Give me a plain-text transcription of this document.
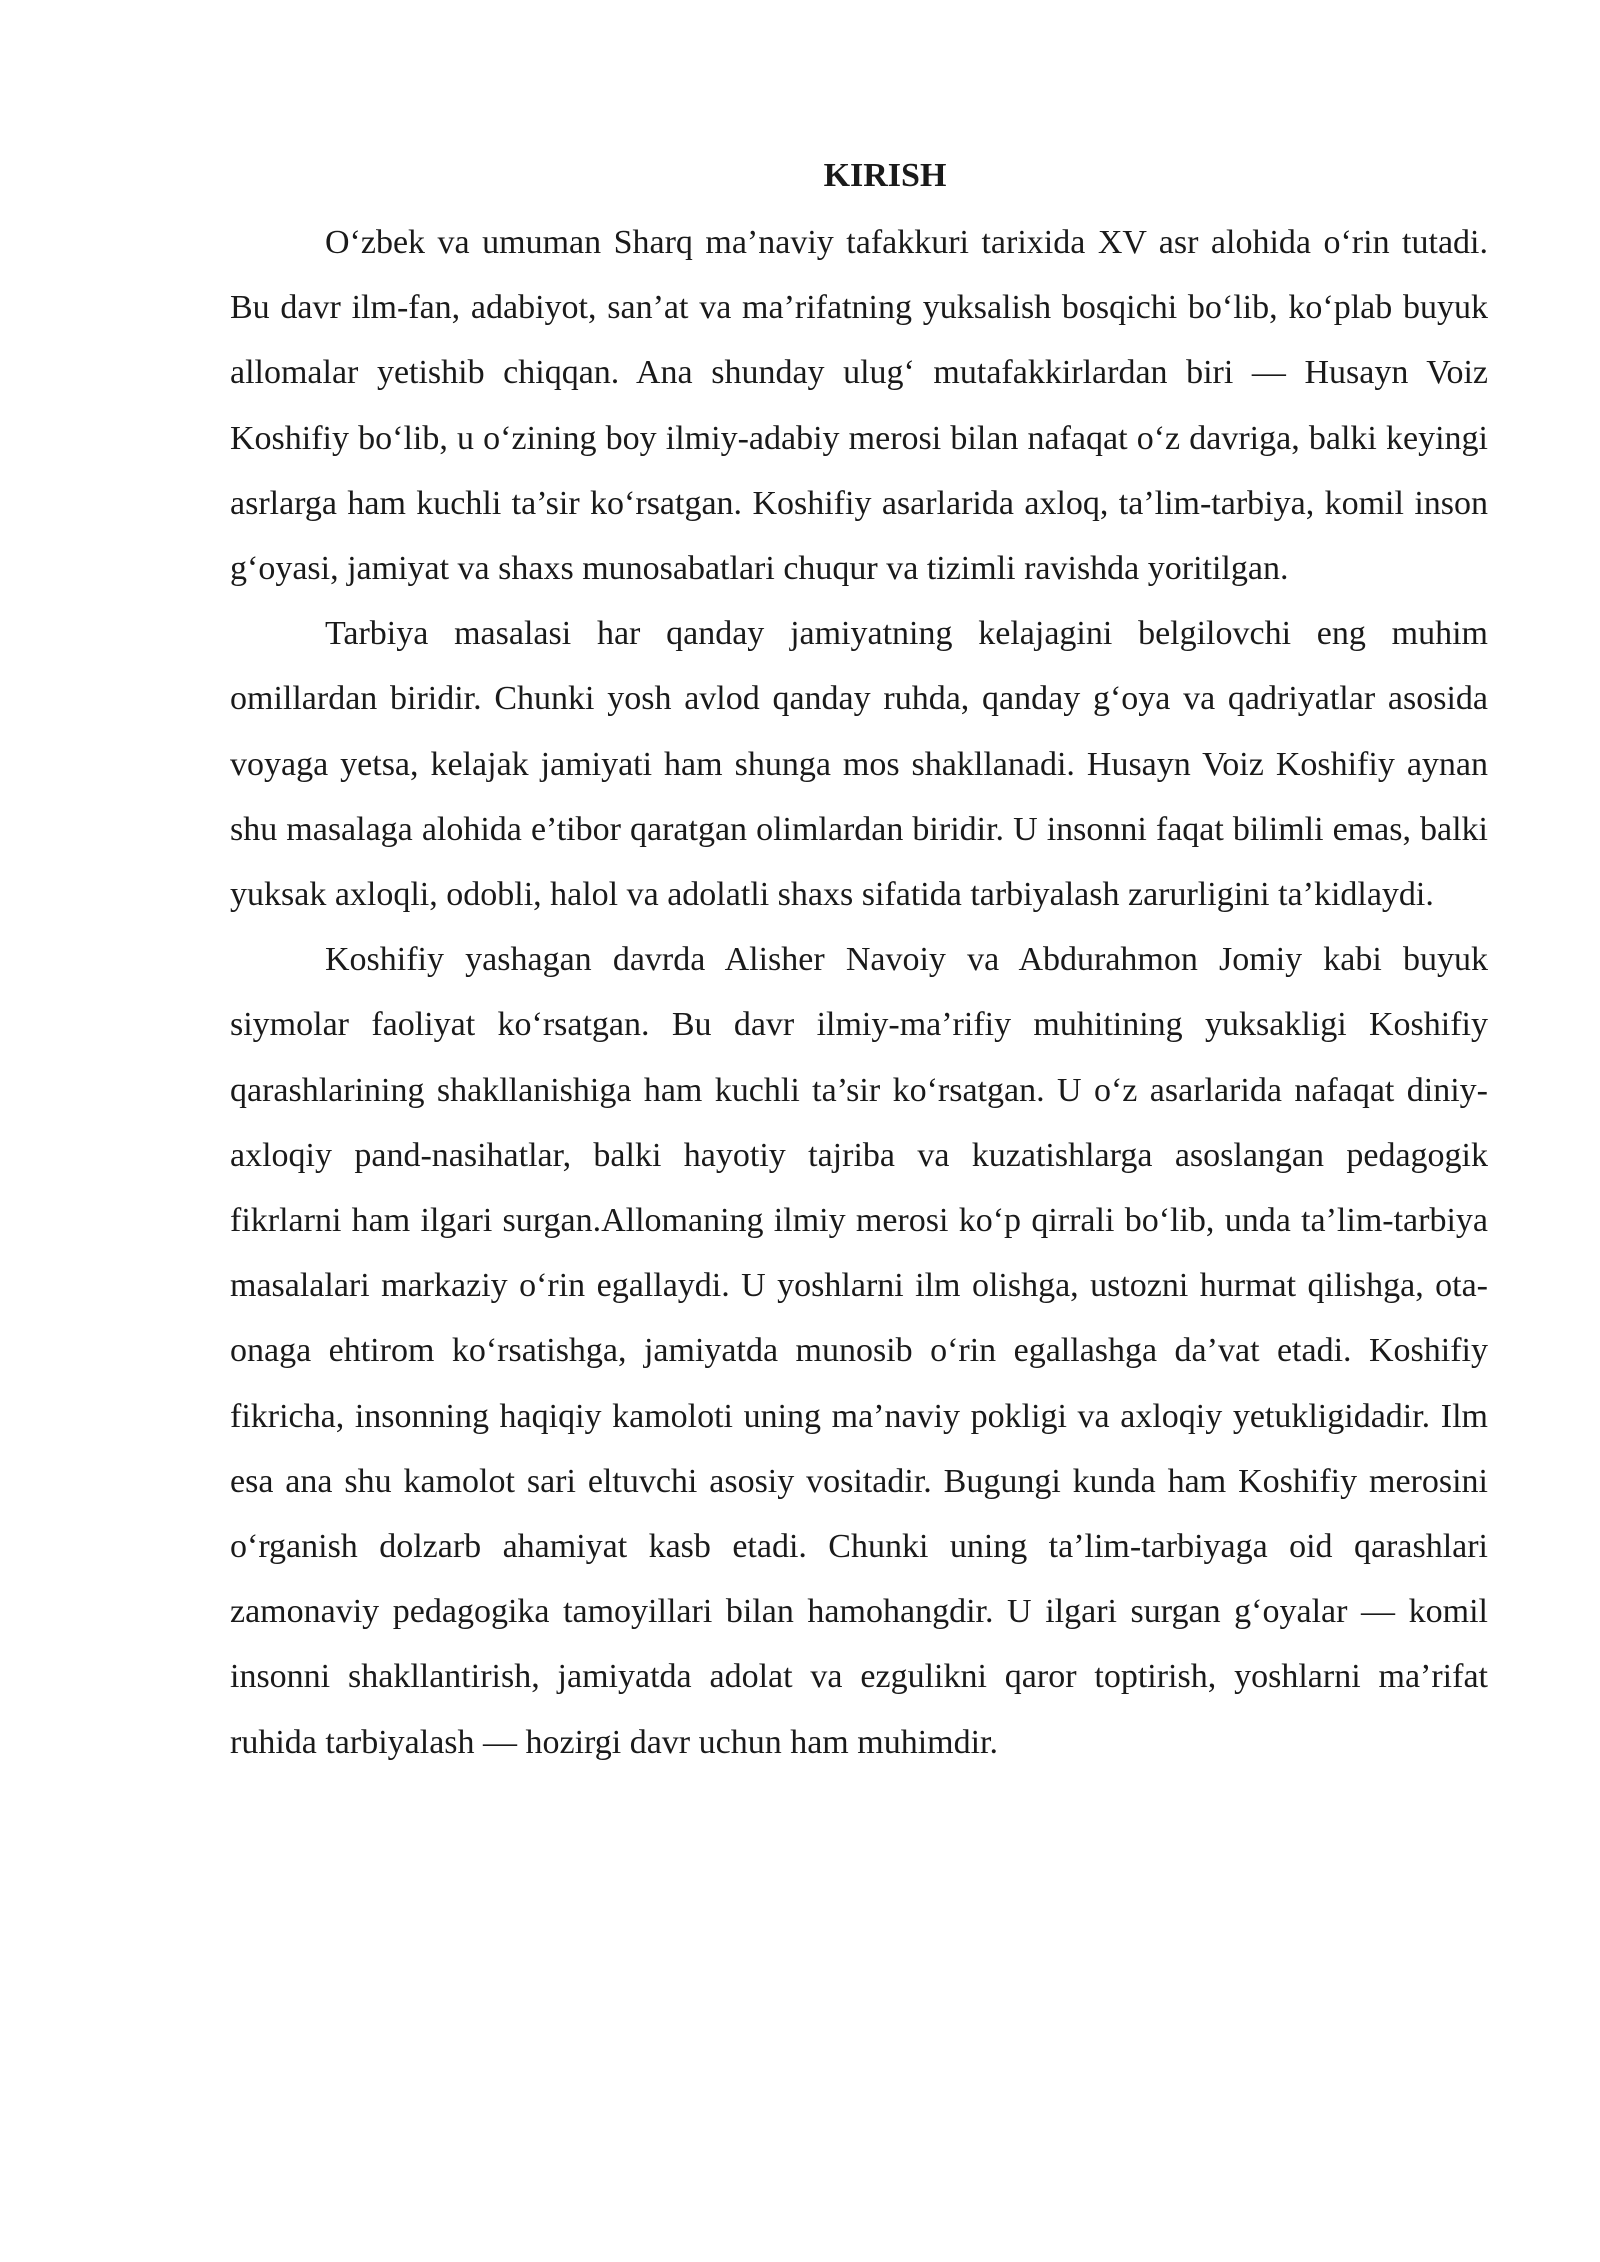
KIRISH

O‘zbek va umuman Sharq ma’naviy tafakkuri tarixida XV asr alohida o‘rin tutadi. Bu davr ilm-fan, adabiyot, san’at va ma’rifatning yuksalish bosqichi bo‘lib, ko‘plab buyuk allomalar yetishib chiqqan. Ana shunday ulug‘ mutafakkirlardan biri — Husayn Voiz Koshifiy bo‘lib, u o‘zining boy ilmiy-adabiy merosi bilan nafaqat o‘z davriga, balki keyingi asrlarga ham kuchli ta’sir ko‘rsatgan. Koshifiy asarlarida axloq, ta’lim-tarbiya, komil inson g‘oyasi, jamiyat va shaxs munosabatlari chuqur va tizimli ravishda yoritilgan.

Tarbiya masalasi har qanday jamiyatning kelajagini belgilovchi eng muhim omillardan biridir. Chunki yosh avlod qanday ruhda, qanday g‘oya va qadriyatlar asosida voyaga yetsa, kelajak jamiyati ham shunga mos shakllanadi. Husayn Voiz Koshifiy aynan shu masalaga alohida e’tibor qaratgan olimlardan biridir. U insonni faqat bilimli emas, balki yuksak axloqli, odobli, halol va adolatli shaxs sifatida tarbiyalash zarurligini ta’kidlaydi.

Koshifiy yashagan davrda Alisher Navoiy va Abdurahmon Jomiy kabi buyuk siymolar faoliyat ko‘rsatgan. Bu davr ilmiy-ma’rifiy muhitining yuksakligi Koshifiy qarashlarining shakllanishiga ham kuchli ta’sir ko‘rsatgan. U o‘z asarlarida nafaqat diniy-axloqiy pand-nasihatlar, balki hayotiy tajriba va kuzatishlarga asoslangan pedagogik fikrlarni ham ilgari surgan.Allomaning ilmiy merosi ko‘p qirrali bo‘lib, unda ta’lim-tarbiya masalalari markaziy o‘rin egallaydi. U yoshlarni ilm olishga, ustozni hurmat qilishga, ota-onaga ehtirom ko‘rsatishga, jamiyatda munosib o‘rin egallashga da’vat etadi. Koshifiy fikricha, insonning haqiqiy kamoloti uning ma’naviy pokligi va axloqiy yetukligidadir. Ilm esa ana shu kamolot sari eltuvchi asosiy vositadir. Bugungi kunda ham Koshifiy merosini o‘rganish dolzarb ahamiyat kasb etadi. Chunki uning ta’lim-tarbiyaga oid qarashlari zamonaviy pedagogika tamoyillari bilan hamohangdir. U ilgari surgan g‘oyalar — komil insonni shakllantirish, jamiyatda adolat va ezgulikni qaror toptirish, yoshlarni ma’rifat ruhida tarbiyalash — hozirgi davr uchun ham muhimdir.
